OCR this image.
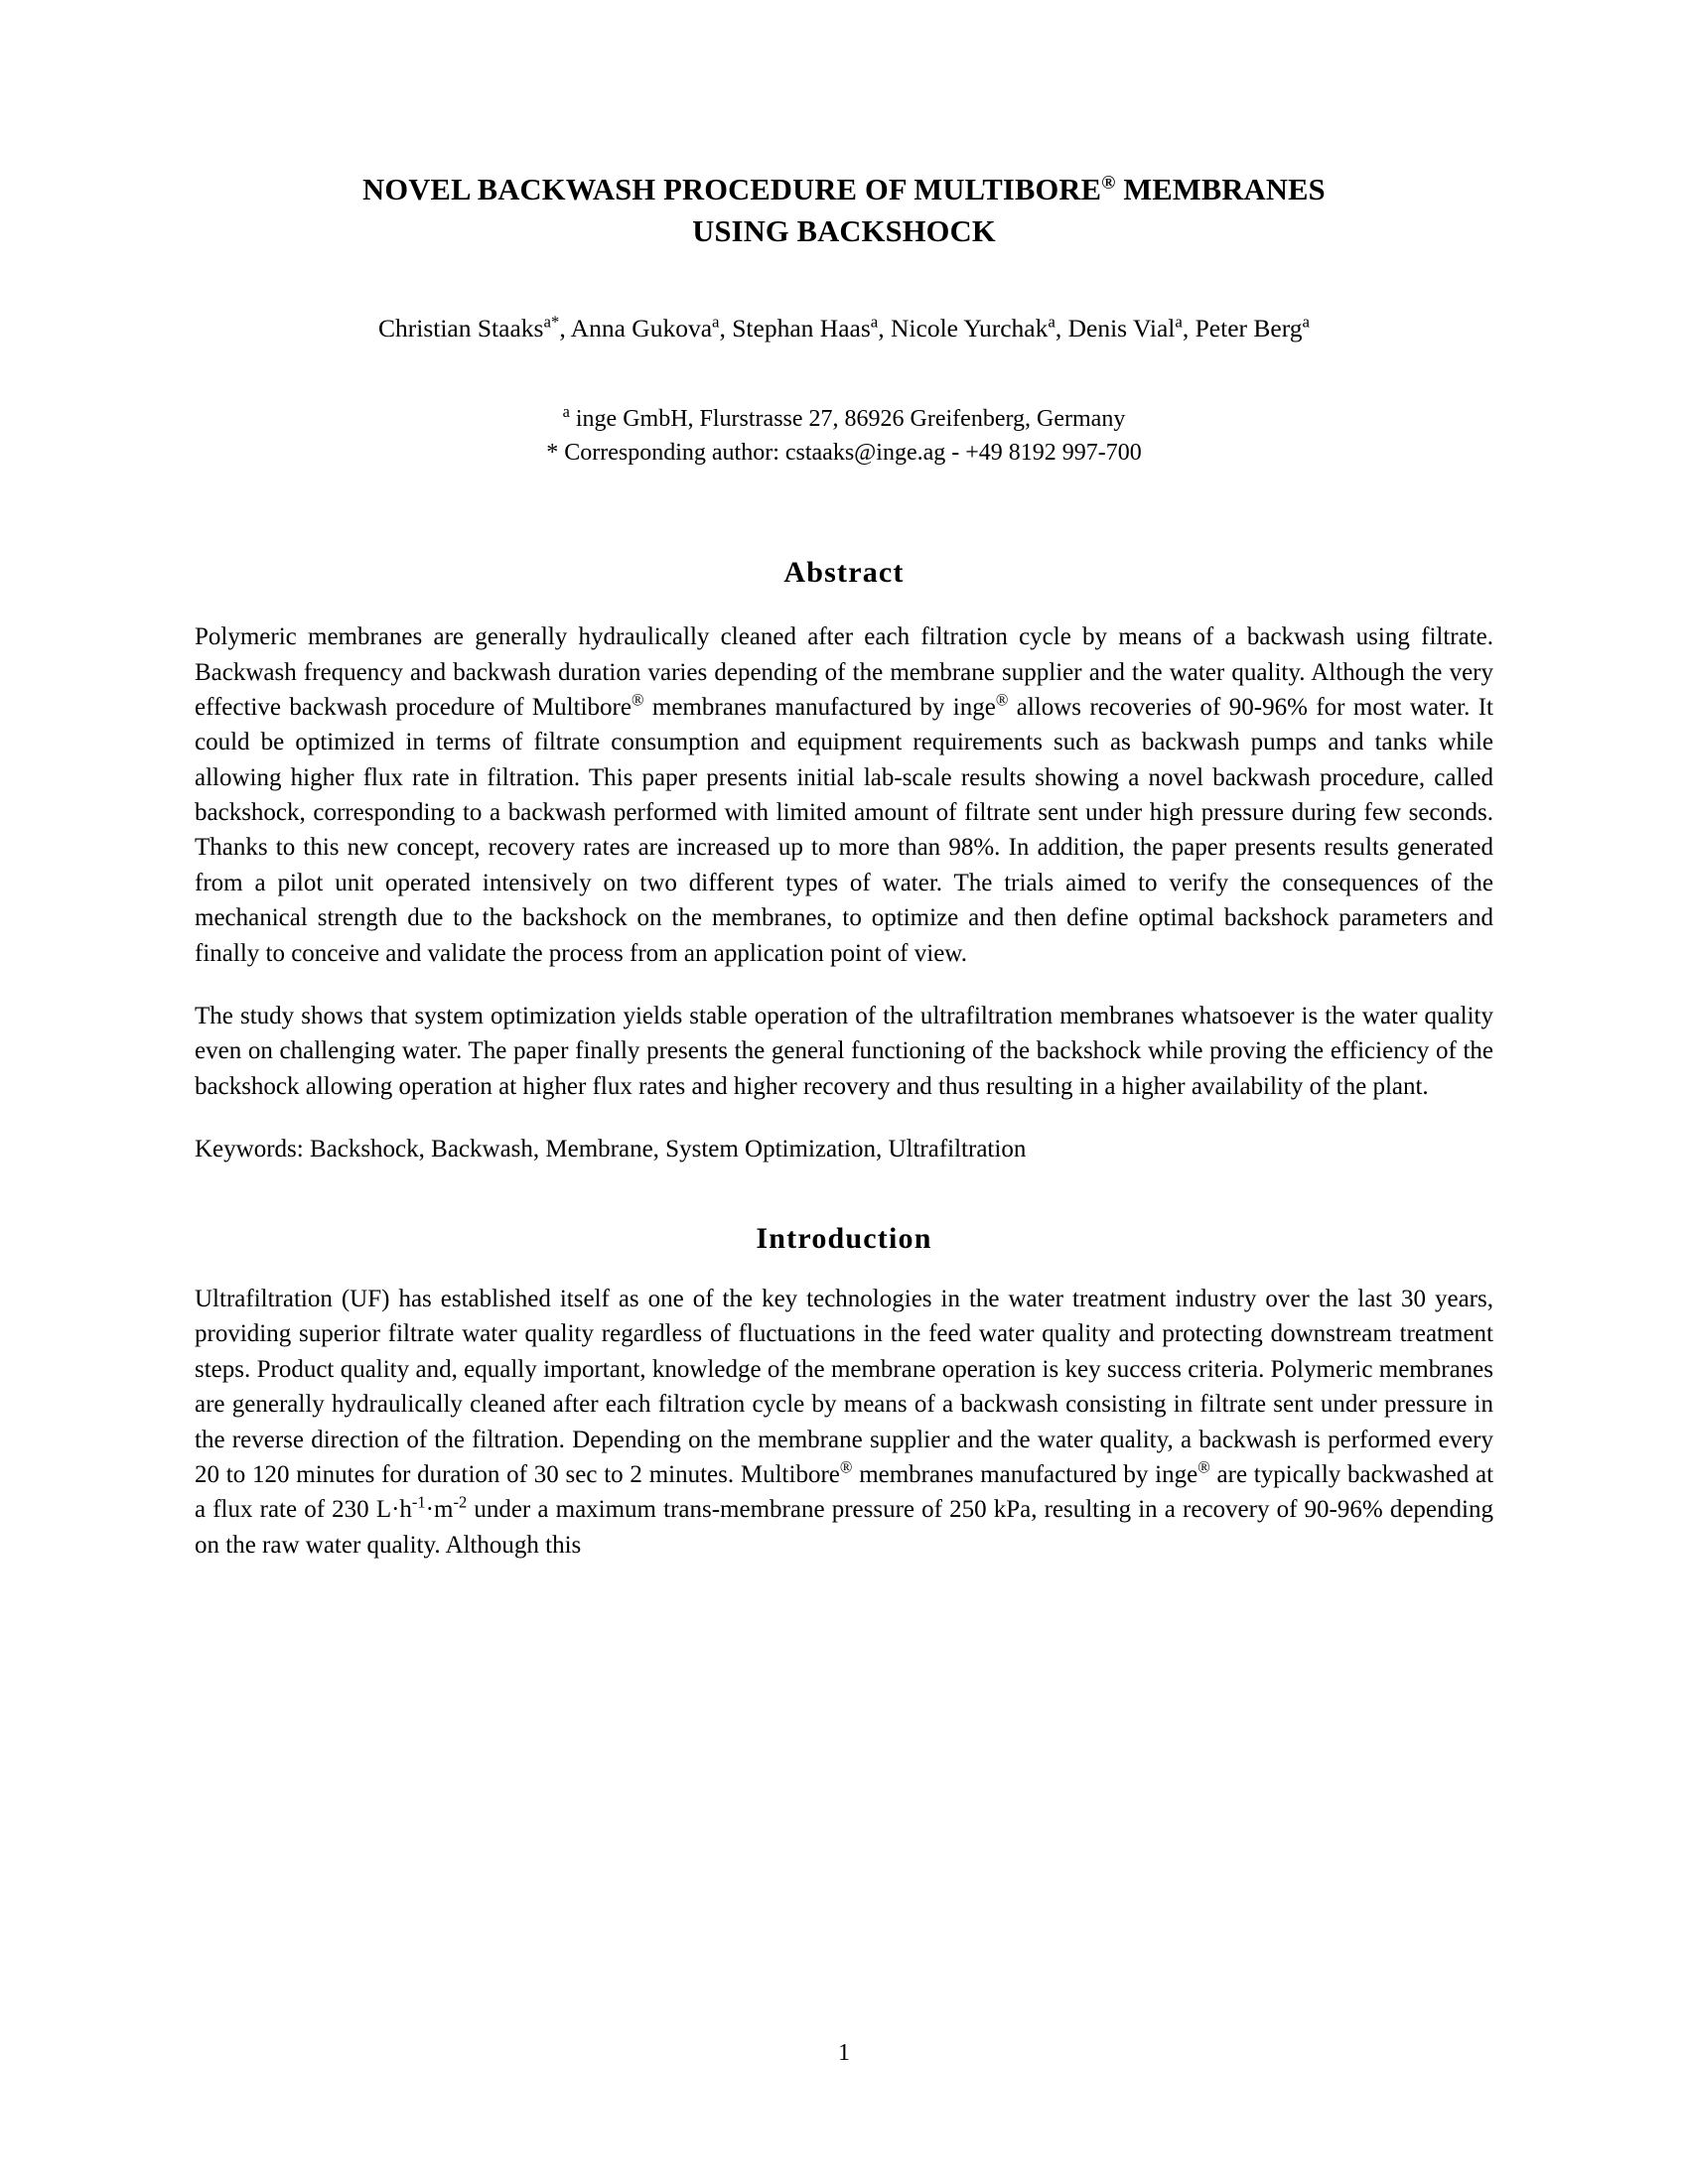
NOVEL BACKWASH PROCEDURE OF MULTIBORE® MEMBRANES
USING BACKSHOCK
Christian Staaks$^{a*}$, Anna Gukova$^a$, Stephan Haas$^a$, Nicole Yurchak$^a$, Denis Vial$^a$, Peter Berg$^a$
$^a$ inge GmbH, Flurstrasse 27, 86926 Greifenberg, Germany
* Corresponding author: cstaaks@inge.ag - +49 8192 997-700
Abstract

Polymeric membranes are generally hydraulically cleaned after each filtration cycle by means of a backwash using filtrate. Backwash frequency and backwash duration varies depending of the membrane supplier and the water quality. Although the very effective backwash procedure of Multibore® membranes manufactured by inge® allows recoveries of 90-96% for most water. It could be optimized in terms of filtrate consumption and equipment requirements such as backwash pumps and tanks while allowing higher flux rate in filtration. This paper presents initial lab-scale results showing a novel backwash procedure, called backshock, corresponding to a backwash performed with limited amount of filtrate sent under high pressure during few seconds. Thanks to this new concept, recovery rates are increased up to more than 98%. In addition, the paper presents results generated from a pilot unit operated intensively on two different types of water. The trials aimed to verify the consequences of the mechanical strength due to the backshock on the membranes, to optimize and then define optimal backshock parameters and finally to conceive and validate the process from an application point of view.

The study shows that system optimization yields stable operation of the ultrafiltration membranes whatsoever is the water quality even on challenging water. The paper finally presents the general functioning of the backshock while proving the efficiency of the backshock allowing operation at higher flux rates and higher recovery and thus resulting in a higher availability of the plant.

Keywords: Backshock, Backwash, Membrane, System Optimization, Ultrafiltration

Introduction

Ultrafiltration (UF) has established itself as one of the key technologies in the water treatment industry over the last 30 years, providing superior filtrate water quality regardless of fluctuations in the feed water quality and protecting downstream treatment steps. Product quality and, equally important, knowledge of the membrane operation is key success criteria. Polymeric membranes are generally hydraulically cleaned after each filtration cycle by means of a backwash consisting in filtrate sent under pressure in the reverse direction of the filtration. Depending on the membrane supplier and the water quality, a backwash is performed every 20 to 120 minutes for duration of 30 sec to 2 minutes. Multibore® membranes manufactured by inge® are typically backwashed at a flux rate of 230 $L\cdot h^{-1}\cdot m^{-2}$ under a maximum trans-membrane pressure of 250 kPa, resulting in a recovery of 90-96% depending on the raw water quality. Although this

1
